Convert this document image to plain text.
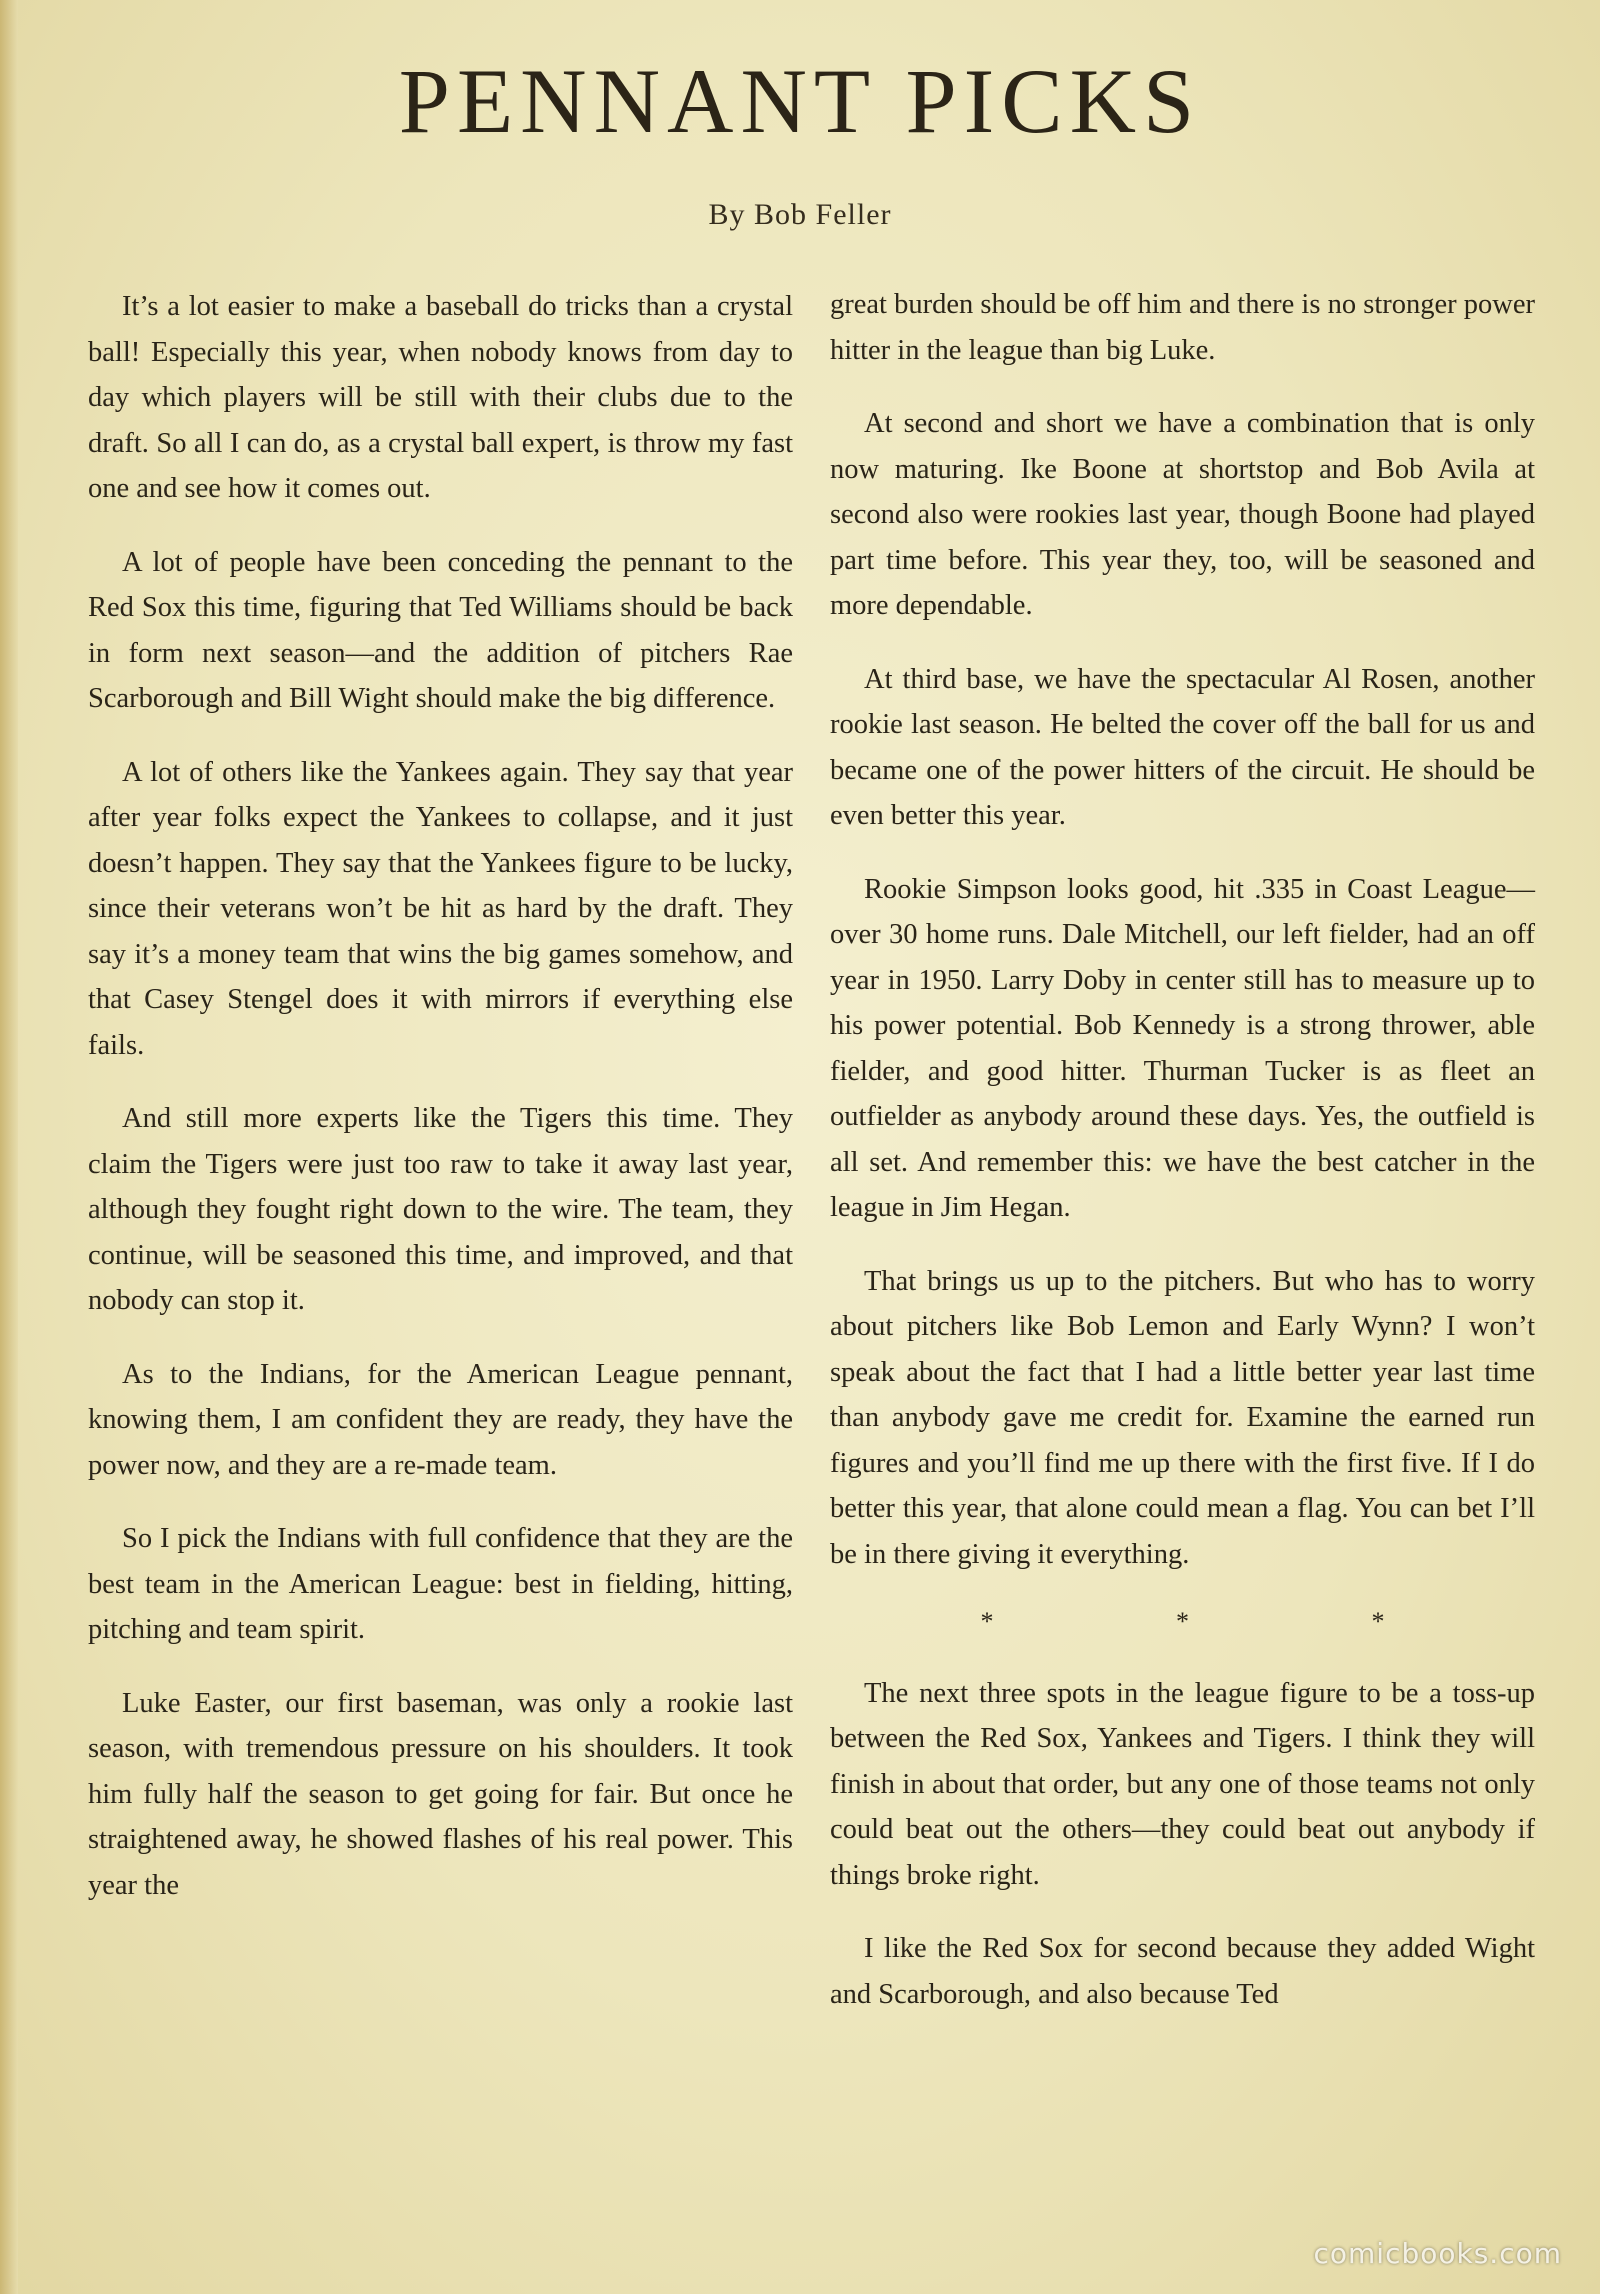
PENNANT PICKS
By Bob Feller

It’s a lot easier to make a baseball do tricks than a crystal ball! Especially this year, when nobody knows from day to day which players will be still with their clubs due to the draft. So all I can do, as a crystal ball expert, is throw my fast one and see how it comes out.

A lot of people have been conceding the pennant to the Red Sox this time, figuring that Ted Williams should be back in form next season—and the addition of pitchers Rae Scarborough and Bill Wight should make the big difference.

A lot of others like the Yankees again. They say that year after year folks expect the Yankees to collapse, and it just doesn’t happen. They say that the Yankees figure to be lucky, since their veterans won’t be hit as hard by the draft. They say it’s a money team that wins the big games somehow, and that Casey Stengel does it with mirrors if everything else fails.

And still more experts like the Tigers this time. They claim the Tigers were just too raw to take it away last year, although they fought right down to the wire. The team, they continue, will be seasoned this time, and improved, and that nobody can stop it.

As to the Indians, for the American League pennant, knowing them, I am confident they are ready, they have the power now, and they are a re-made team.

So I pick the Indians with full confidence that they are the best team in the American League: best in fielding, hitting, pitching and team spirit.

Luke Easter, our first baseman, was only a rookie last season, with tremendous pressure on his shoulders. It took him fully half the season to get going for fair. But once he straightened away, he showed flashes of his real power. This year the

great burden should be off him and there is no stronger power hitter in the league than big Luke.

At second and short we have a combination that is only now maturing. Ike Boone at shortstop and Bob Avila at second also were rookies last year, though Boone had played part time before. This year they, too, will be seasoned and more dependable.

At third base, we have the spectacular Al Rosen, another rookie last season. He belted the cover off the ball for us and became one of the power hitters of the circuit. He should be even better this year.

Rookie Simpson looks good, hit .335 in Coast League—over 30 home runs. Dale Mitchell, our left fielder, had an off year in 1950. Larry Doby in center still has to measure up to his power potential. Bob Kennedy is a strong thrower, able fielder, and good hitter. Thurman Tucker is as fleet an outfielder as anybody around these days. Yes, the outfield is all set. And remember this: we have the best catcher in the league in Jim Hegan.

That brings us up to the pitchers. But who has to worry about pitchers like Bob Lemon and Early Wynn? I won’t speak about the fact that I had a little better year last time than anybody gave me credit for. Examine the earned run figures and you’ll find me up there with the first five. If I do better this year, that alone could mean a flag. You can bet I’ll be in there giving it everything.

* * *

The next three spots in the league figure to be a toss-up between the Red Sox, Yankees and Tigers. I think they will finish in about that order, but any one of those teams not only could beat out the others—they could beat out anybody if things broke right.

I like the Red Sox for second because they added Wight and Scarborough, and also because Ted

comicbooks.com
